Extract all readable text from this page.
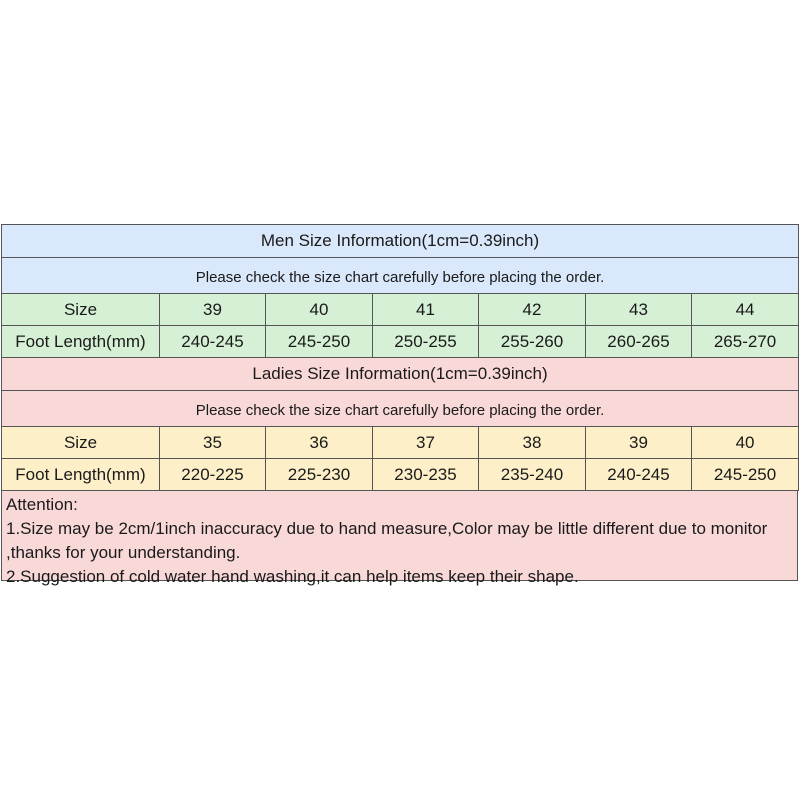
Men Size Information(1cm=0.39inch)						
Please check the size chart carefully before placing the order.						
Size	39	40	41	42	43	44
Foot Length(mm)	240-245	245-250	250-255	255-260	260-265	265-270
Ladies Size Information(1cm=0.39inch)						
Please check the size chart carefully before placing the order.						
Size	35	36	37	38	39	40
Foot Length(mm)	220-225	225-230	230-235	235-240	240-245	245-250
Attention:
1.Size may be 2cm/1inch inaccuracy due to hand measure,Color may be little different due to monitor ,thanks for your understanding.
2.Suggestion of cold water hand washing,it can help items keep their shape.
